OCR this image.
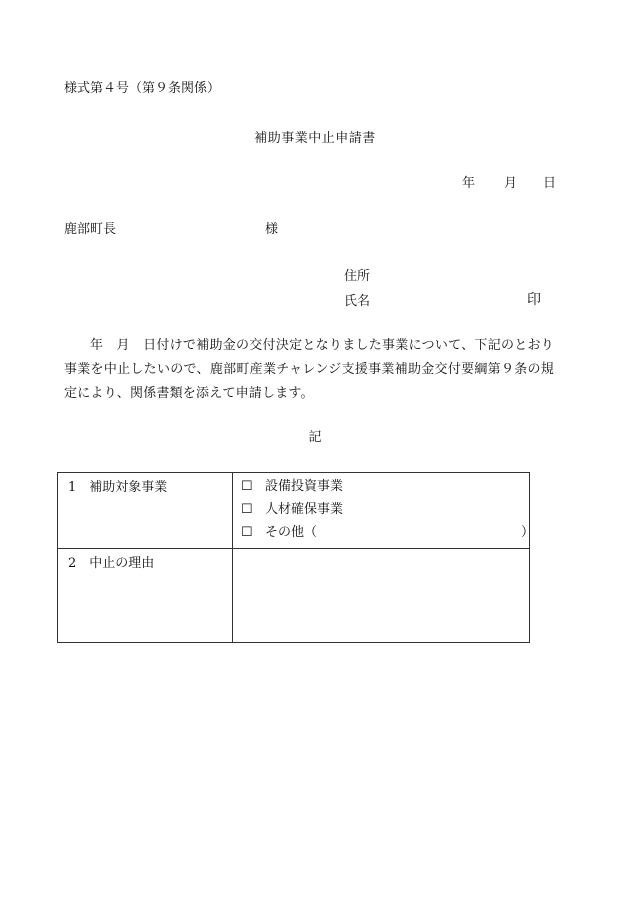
様式第４号（第９条関係）
補助事業中止申請書
年 月 日
鹿部町長	様
住所
氏名	印
年　月　日付けで補助金の交付決定となりました事業について、下記のとおり事業を中止したいので、鹿部町産業チャレンジ支援事業補助金交付要綱第９条の規定により、関係書類を添えて申請します。
記
1　補助対象事業	☐ 設備投資事業
☐ 人材確保事業
☐ その他（ ）

2　中止の理由	
